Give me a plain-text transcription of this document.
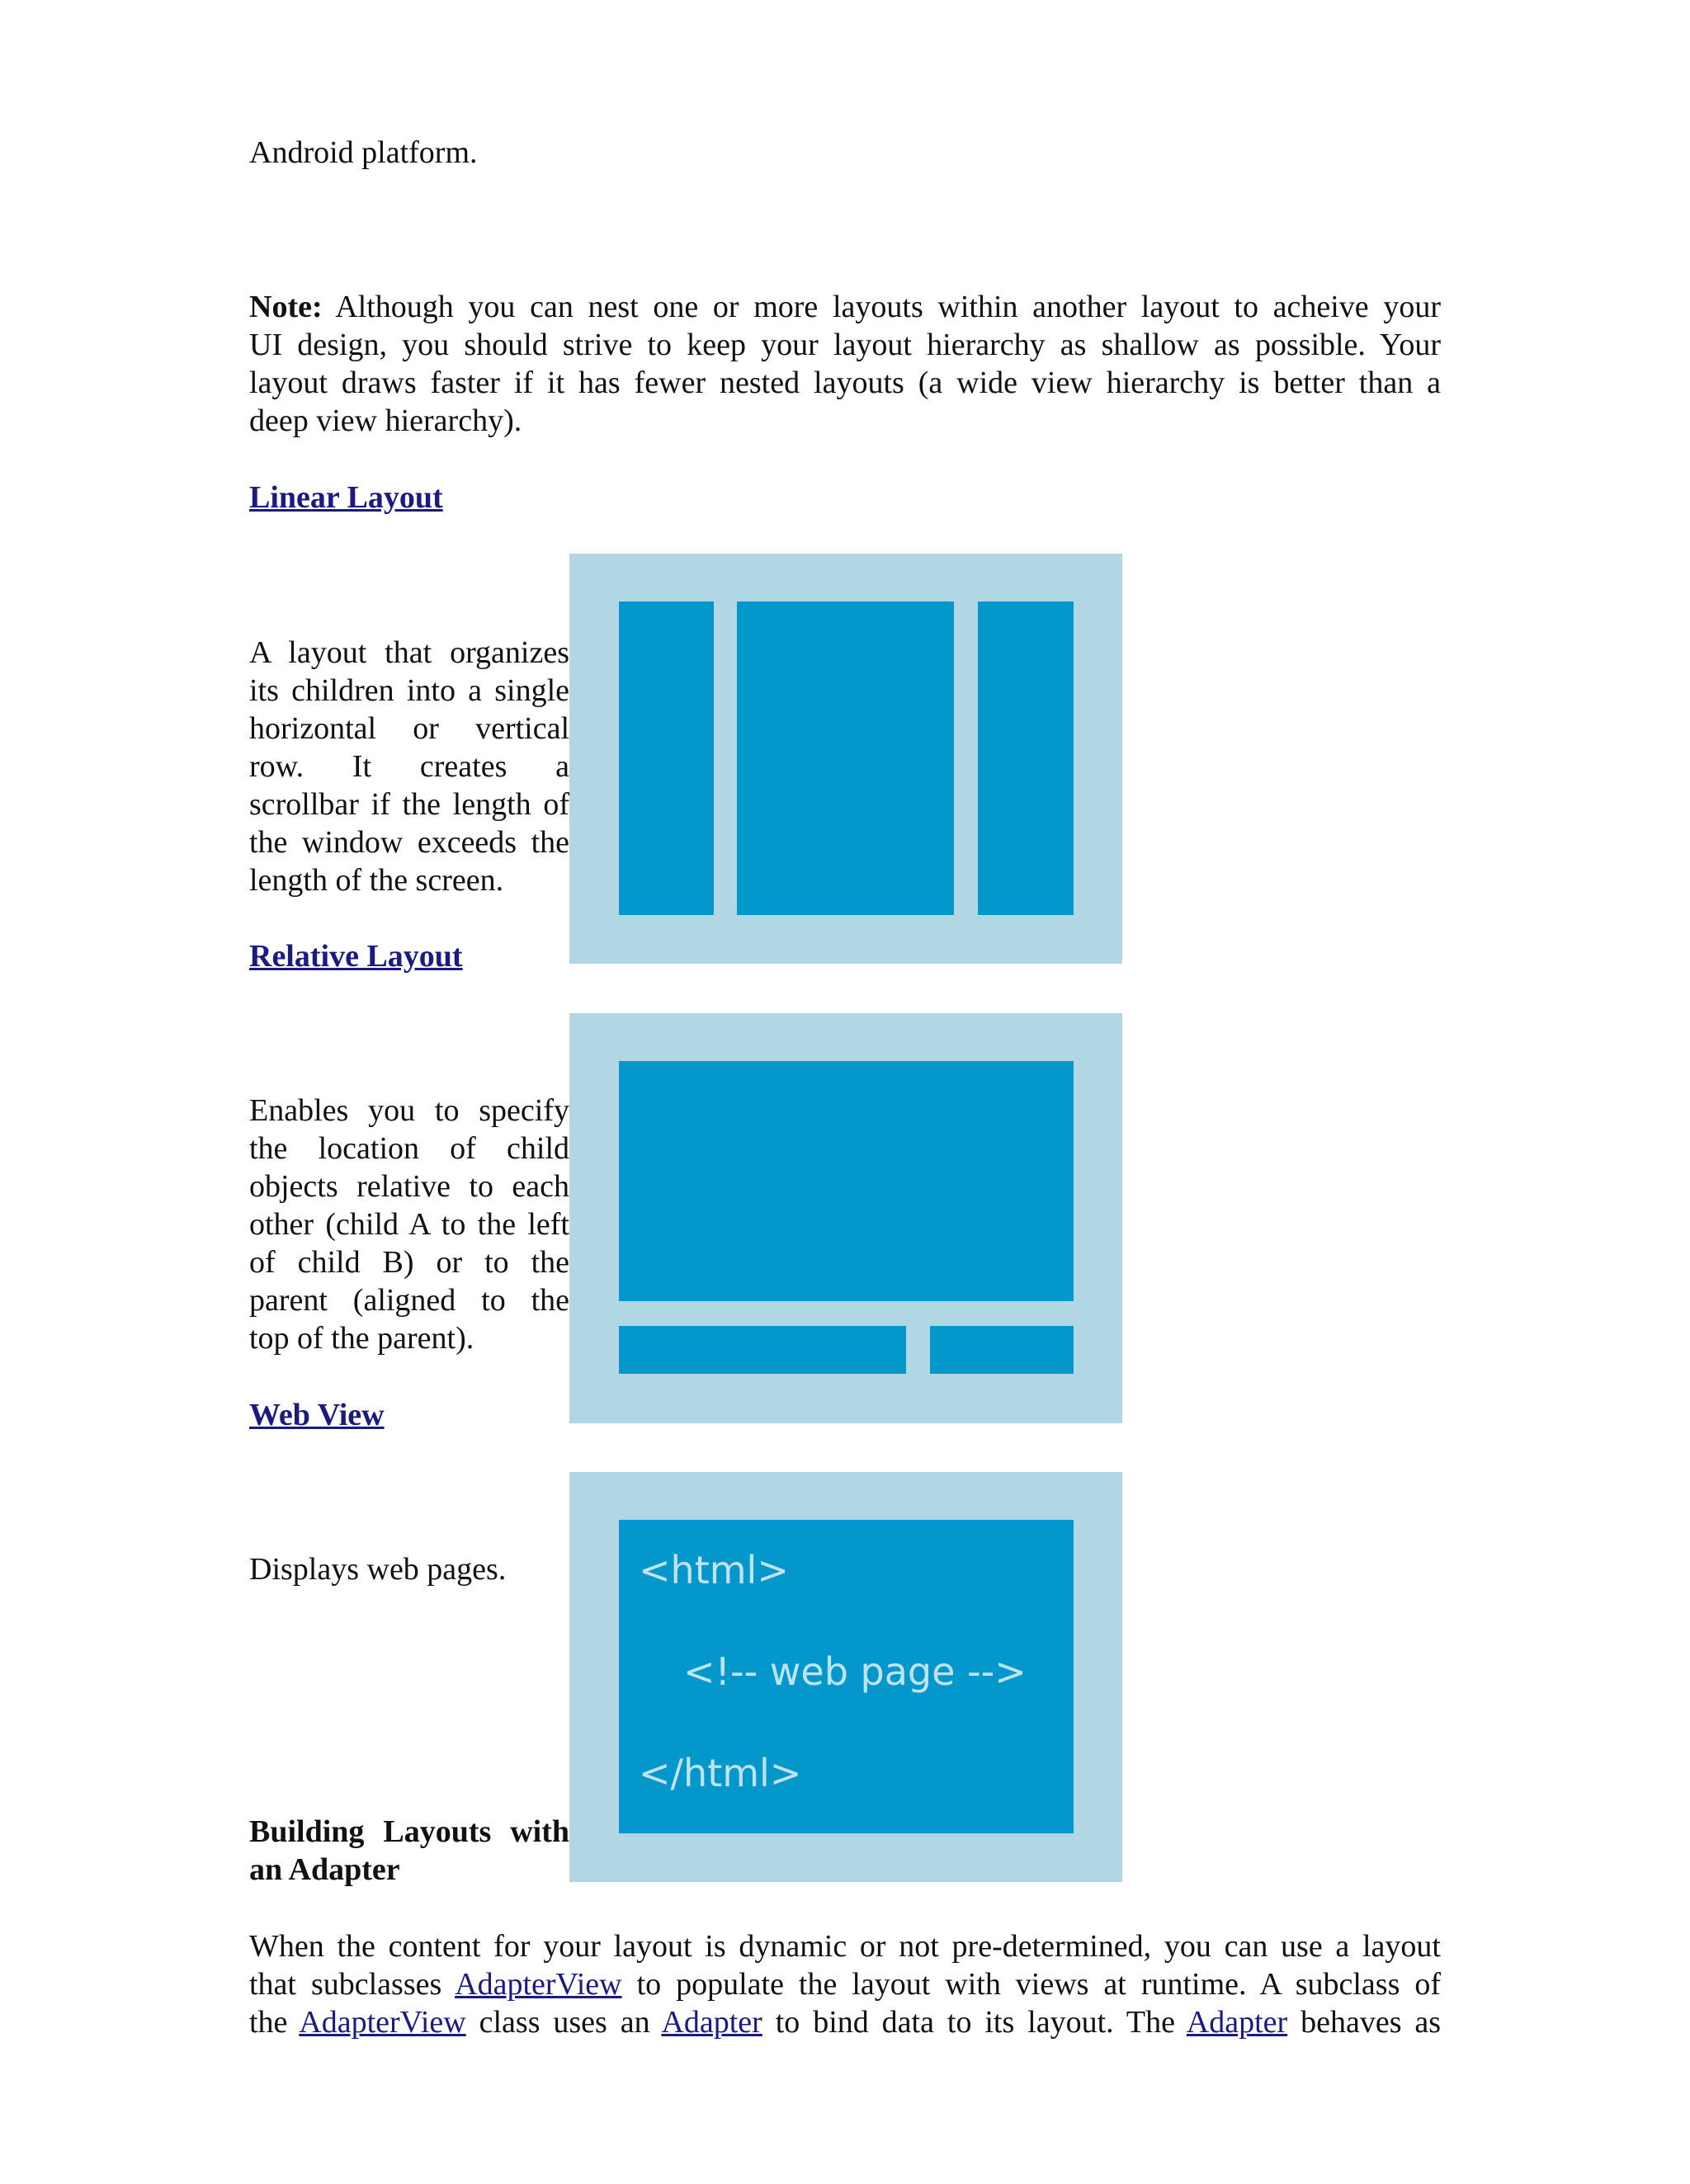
Android platform.

Note: Although you can nest one or more layouts within another layout to acheive your

UI design, you should strive to keep your layout hierarchy as shallow as possible. Your

layout draws faster if it has fewer nested layouts (a wide view hierarchy is better than a

deep view hierarchy).

Linear Layout

A layout that organizes

its children into a single

horizontal or vertical

row. It creates a

scrollbar if the length of

the window exceeds the

length of the screen.

Relative Layout

Enables you to specify

the location of child

objects relative to each

other (child A to the left

of child B) or to the

parent (aligned to the

top of the parent).

Web View
<html>
<!-- web page -->
</html>

Displays web pages.

Building Layouts with

an Adapter

When the content for your layout is dynamic or not pre-determined, you can use a layout

that subclasses AdapterView to populate the layout with views at runtime. A subclass of

the AdapterView class uses an Adapter to bind data to its layout. The Adapter behaves as
